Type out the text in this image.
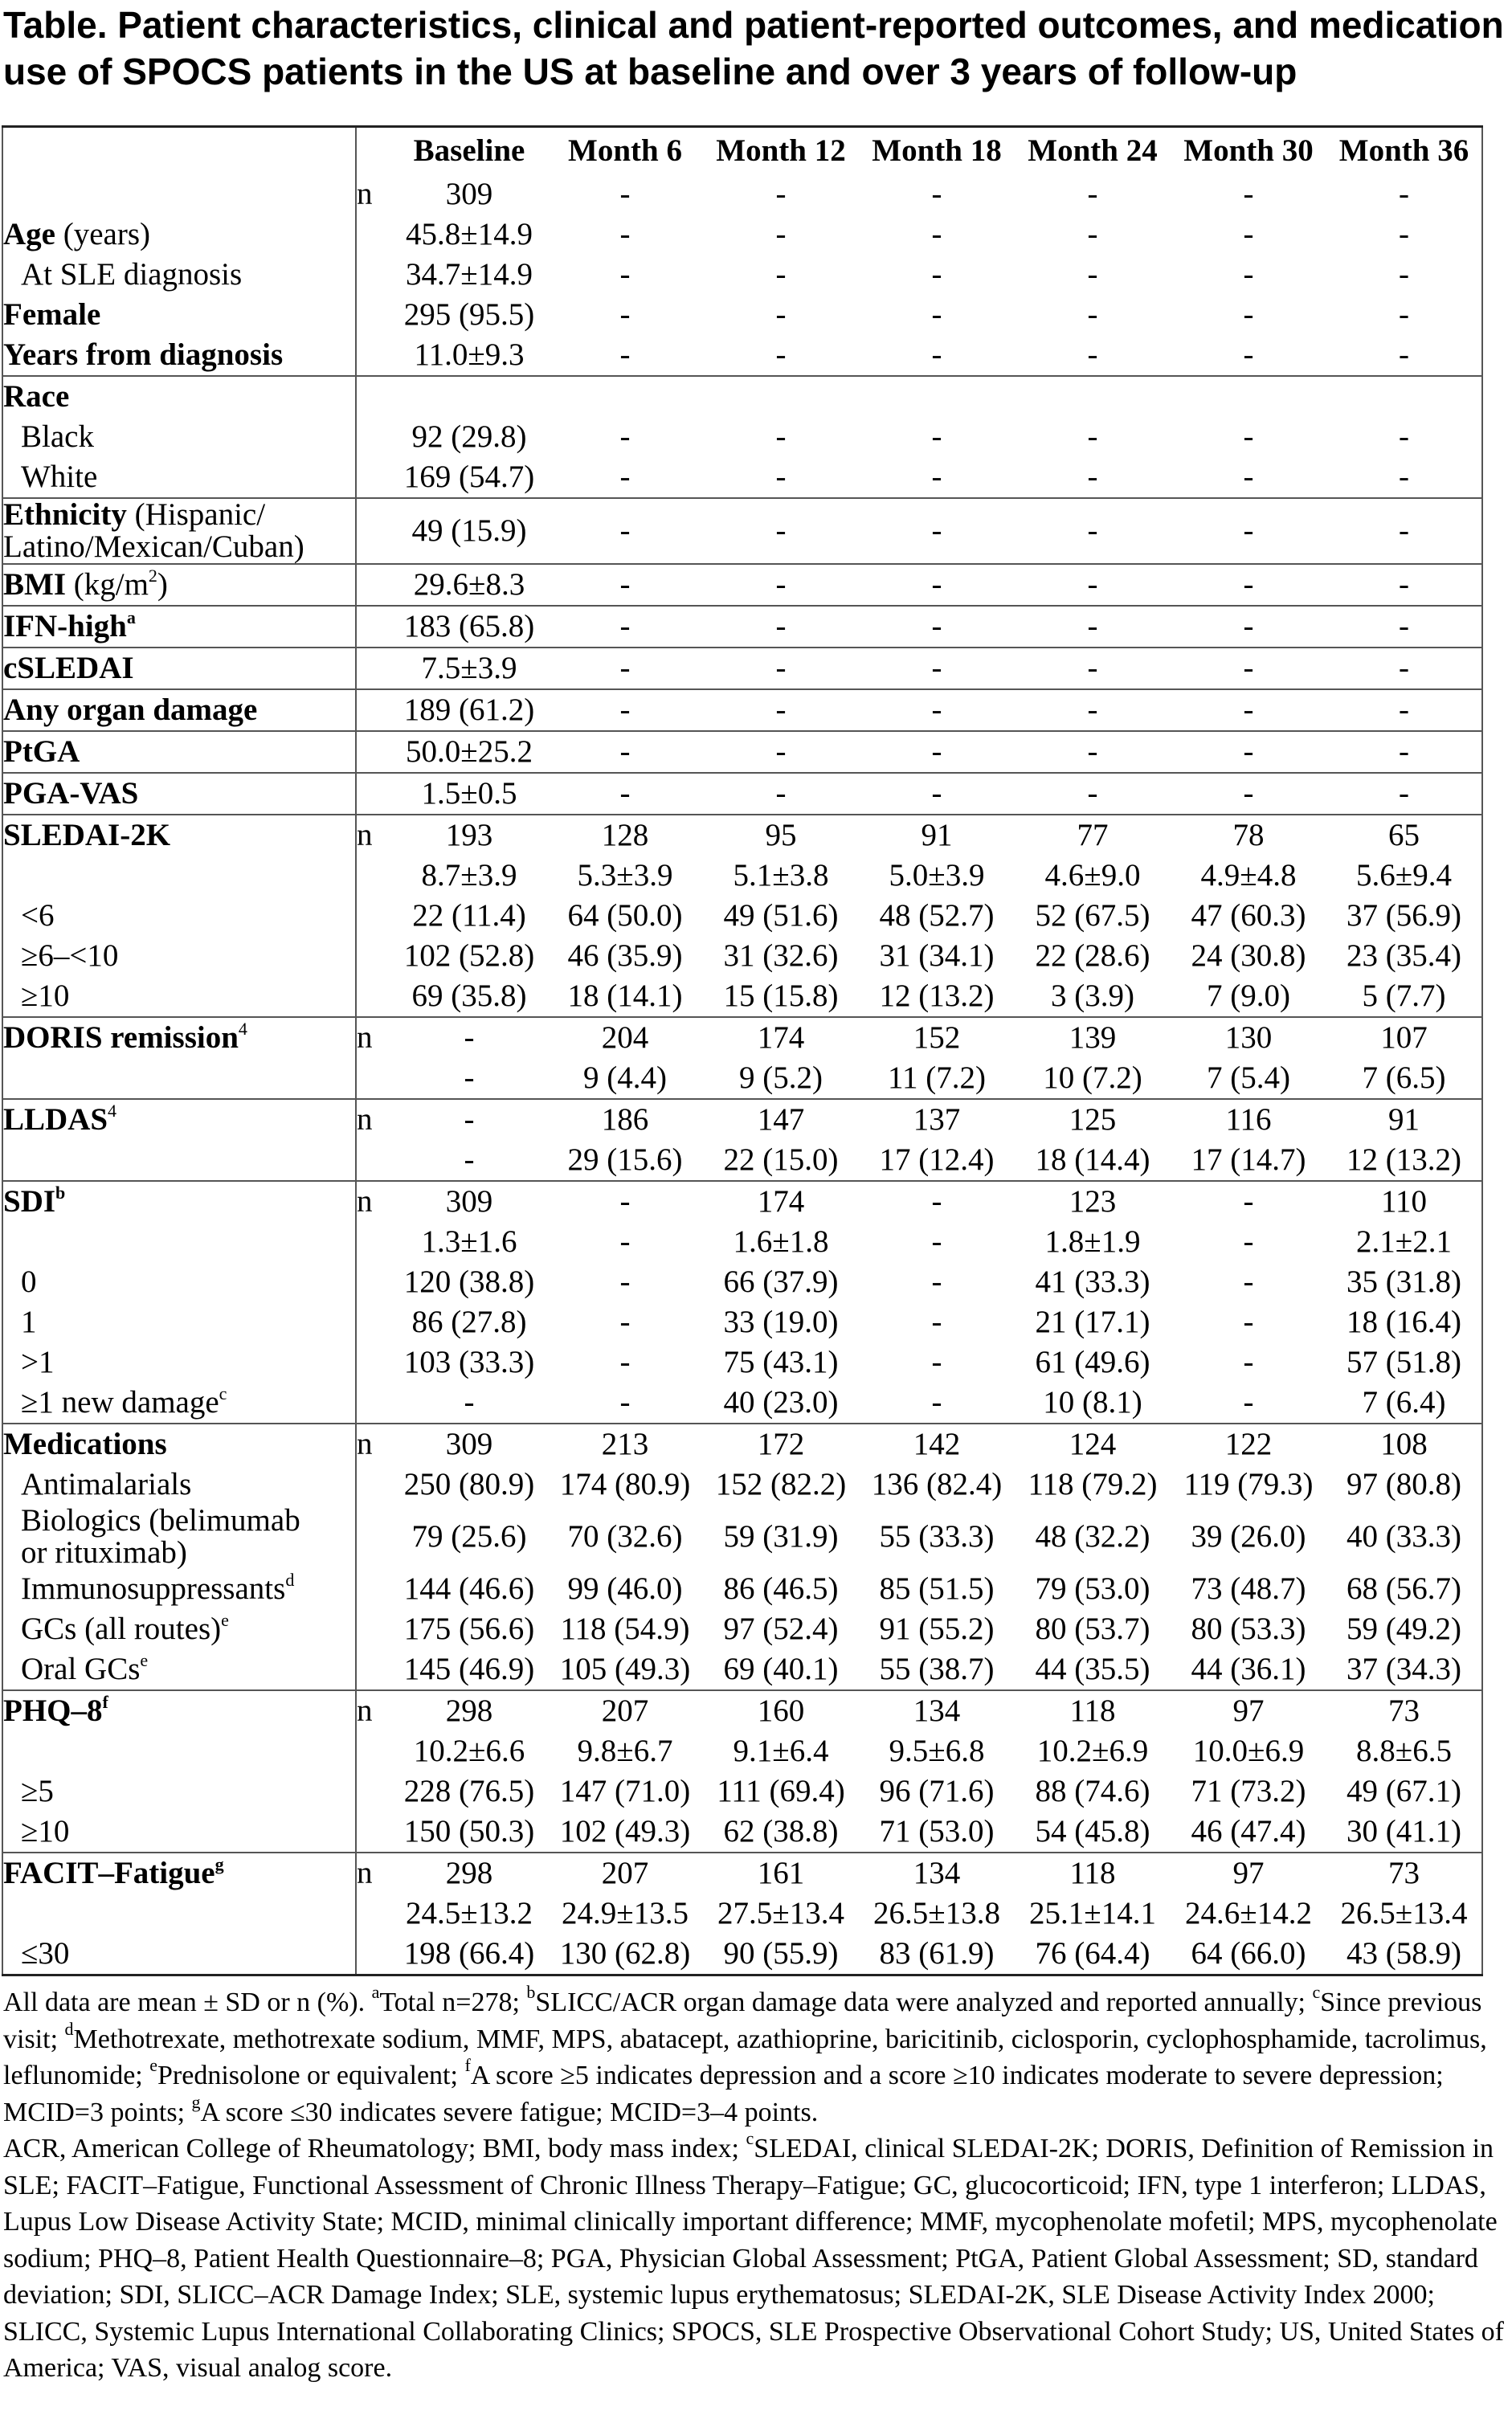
Table. Patient characteristics, clinical and patient-reported outcomes, and medication use of SPOCS patients in the US at baseline and over 3 years of follow-up
		Baseline	Month 6	Month 12	Month 18	Month 24	Month 30	Month 36
	n	309	-	-	-	-	-	-
Age (years)		45.8±14.9	-	-	-	-	-	-
At SLE diagnosis		34.7±14.9	-	-	-	-	-	-
Female		295 (95.5)	-	-	-	-	-	-
Years from diagnosis		11.0±9.3	-	-	-	-	-	-
Race								
Black		92 (29.8)	-	-	-	-	-	-
White		169 (54.7)	-	-	-	-	-	-
Ethnicity (Hispanic/
Latino/Mexican/Cuban)		49 (15.9)	-	-	-	-	-	-
BMI $(kg/m^2)$		29.6±8.3	-	-	-	-	-	-
IFN-high$^a$		183 (65.8)	-	-	-	-	-	-
cSLEDAI		7.5±3.9	-	-	-	-	-	-
Any organ damage		189 (61.2)	-	-	-	-	-	-
PtGA		50.0±25.2	-	-	-	-	-	-
PGA-VAS		1.5±0.5	-	-	-	-	-	-
SLEDAI-2K	n	193	128	95	91	77	78	65
		8.7±3.9	5.3±3.9	5.1±3.8	5.0±3.9	4.6±9.0	4.9±4.8	5.6±9.4
<6		22 (11.4)	64 (50.0)	49 (51.6)	48 (52.7)	52 (67.5)	47 (60.3)	37 (56.9)
≥6–<10		102 (52.8)	46 (35.9)	31 (32.6)	31 (34.1)	22 (28.6)	24 (30.8)	23 (35.4)
≥10		69 (35.8)	18 (14.1)	15 (15.8)	12 (13.2)	3 (3.9)	7 (9.0)	5 (7.7)
DORIS remission$^4$	n	-	204	174	152	139	130	107
		-	9 (4.4)	9 (5.2)	11 (7.2)	10 (7.2)	7 (5.4)	7 (6.5)
LLDAS$^4$	n	-	186	147	137	125	116	91
		-	29 (15.6)	22 (15.0)	17 (12.4)	18 (14.4)	17 (14.7)	12 (13.2)
SDI$^b$	n	309	-	174	-	123	-	110
		1.3±1.6	-	1.6±1.8	-	1.8±1.9	-	2.1±2.1
0		120 (38.8)	-	66 (37.9)	-	41 (33.3)	-	35 (31.8)
1		86 (27.8)	-	33 (19.0)	-	21 (17.1)	-	18 (16.4)
>1		103 (33.3)	-	75 (43.1)	-	61 (49.6)	-	57 (51.8)
≥1 new damage$^c$		-	-	40 (23.0)	-	10 (8.1)	-	7 (6.4)
Medications	n	309	213	172	142	124	122	108
Antimalarials		250 (80.9)	174 (80.9)	152 (82.2)	136 (82.4)	118 (79.2)	119 (79.3)	97 (80.8)
Biologics (belimumab
or rituximab)		79 (25.6)	70 (32.6)	59 (31.9)	55 (33.3)	48 (32.2)	39 (26.0)	40 (33.3)
Immunosuppressants$^d$		144 (46.6)	99 (46.0)	86 (46.5)	85 (51.5)	79 (53.0)	73 (48.7)	68 (56.7)
GCs (all routes)$^e$		175 (56.6)	118 (54.9)	97 (52.4)	91 (55.2)	80 (53.7)	80 (53.3)	59 (49.2)
Oral GCs$^e$		145 (46.9)	105 (49.3)	69 (40.1)	55 (38.7)	44 (35.5)	44 (36.1)	37 (34.3)
PHQ–8$^f$	n	298	207	160	134	118	97	73
		10.2±6.6	9.8±6.7	9.1±6.4	9.5±6.8	10.2±6.9	10.0±6.9	8.8±6.5
≥5		228 (76.5)	147 (71.0)	111 (69.4)	96 (71.6)	88 (74.6)	71 (73.2)	49 (67.1)
≥10		150 (50.3)	102 (49.3)	62 (38.8)	71 (53.0)	54 (45.8)	46 (47.4)	30 (41.1)
FACIT–Fatigue$^g$	n	298	207	161	134	118	97	73
		24.5±13.2	24.9±13.5	27.5±13.4	26.5±13.8	25.1±14.1	24.6±14.2	26.5±13.4
≤30		198 (66.4)	130 (62.8)	90 (55.9)	83 (61.9)	76 (64.4)	64 (66.0)	43 (58.9)
All data are mean ± SD or n (%). $^a$Total n=278; $^b$SLICC/ACR organ damage data were analyzed and reported annually; $^c$Since previous visit; $^d$Methotrexate, methotrexate sodium, MMF, MPS, abatacept, azathioprine, baricitinib, ciclosporin, cyclophosphamide, tacrolimus, leflunomide; $^e$Prednisolone or equivalent; $^f$A score ≥5 indicates depression and a score ≥10 indicates moderate to severe depression; MCID=3 points; $^g$A score ≤30 indicates severe fatigue; MCID=3–4 points.
ACR, American College of Rheumatology; BMI, body mass index; $^c$SLEDAI, clinical SLEDAI-2K; DORIS, Definition of Remission in SLE; FACIT–Fatigue, Functional Assessment of Chronic Illness Therapy–Fatigue; GC, glucocorticoid; IFN, type 1 interferon; LLDAS, Lupus Low Disease Activity State; MCID, minimal clinically important difference; MMF, mycophenolate mofetil; MPS, mycophenolate sodium; PHQ–8, Patient Health Questionnaire–8; PGA, Physician Global Assessment; PtGA, Patient Global Assessment; SD, standard deviation; SDI, SLICC–ACR Damage Index; SLE, systemic lupus erythematosus; SLEDAI-2K, SLE Disease Activity Index 2000; SLICC, Systemic Lupus International Collaborating Clinics; SPOCS, SLE Prospective Observational Cohort Study; US, United States of America; VAS, visual analog score.
